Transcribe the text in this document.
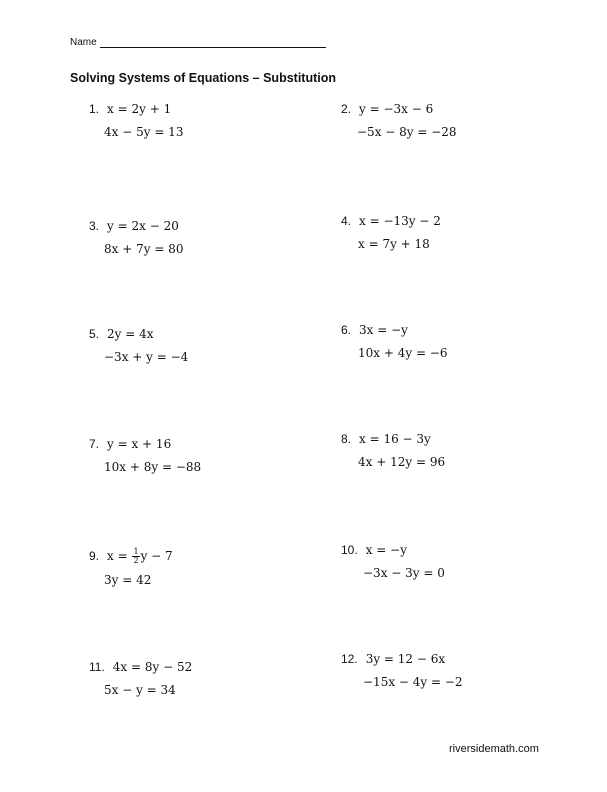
Name
Solving Systems of Equations – Substitution
1. x = 2y + 1
4x − 5y = 13
3. y = 2x − 20
8x + 7y = 80
5. 2y = 4x
−3x + y = −4
7. y = x + 16
10x + 8y = −88
9. $x = \frac{1}{2}$ y − 7
3y = 42
11. 4x = 8y − 52
5x − y = 34
2. y = −3x − 6
−5x − 8y = −28
4. x = −13y − 2
x = 7y + 18
6. 3x = −y
10x + 4y = −6
8. x = 16 − 3y
4x + 12y = 96
10. x = −y
−3x − 3y = 0
12. 3y = 12 − 6x
−15x − 4y = −2
riversidemath.com
